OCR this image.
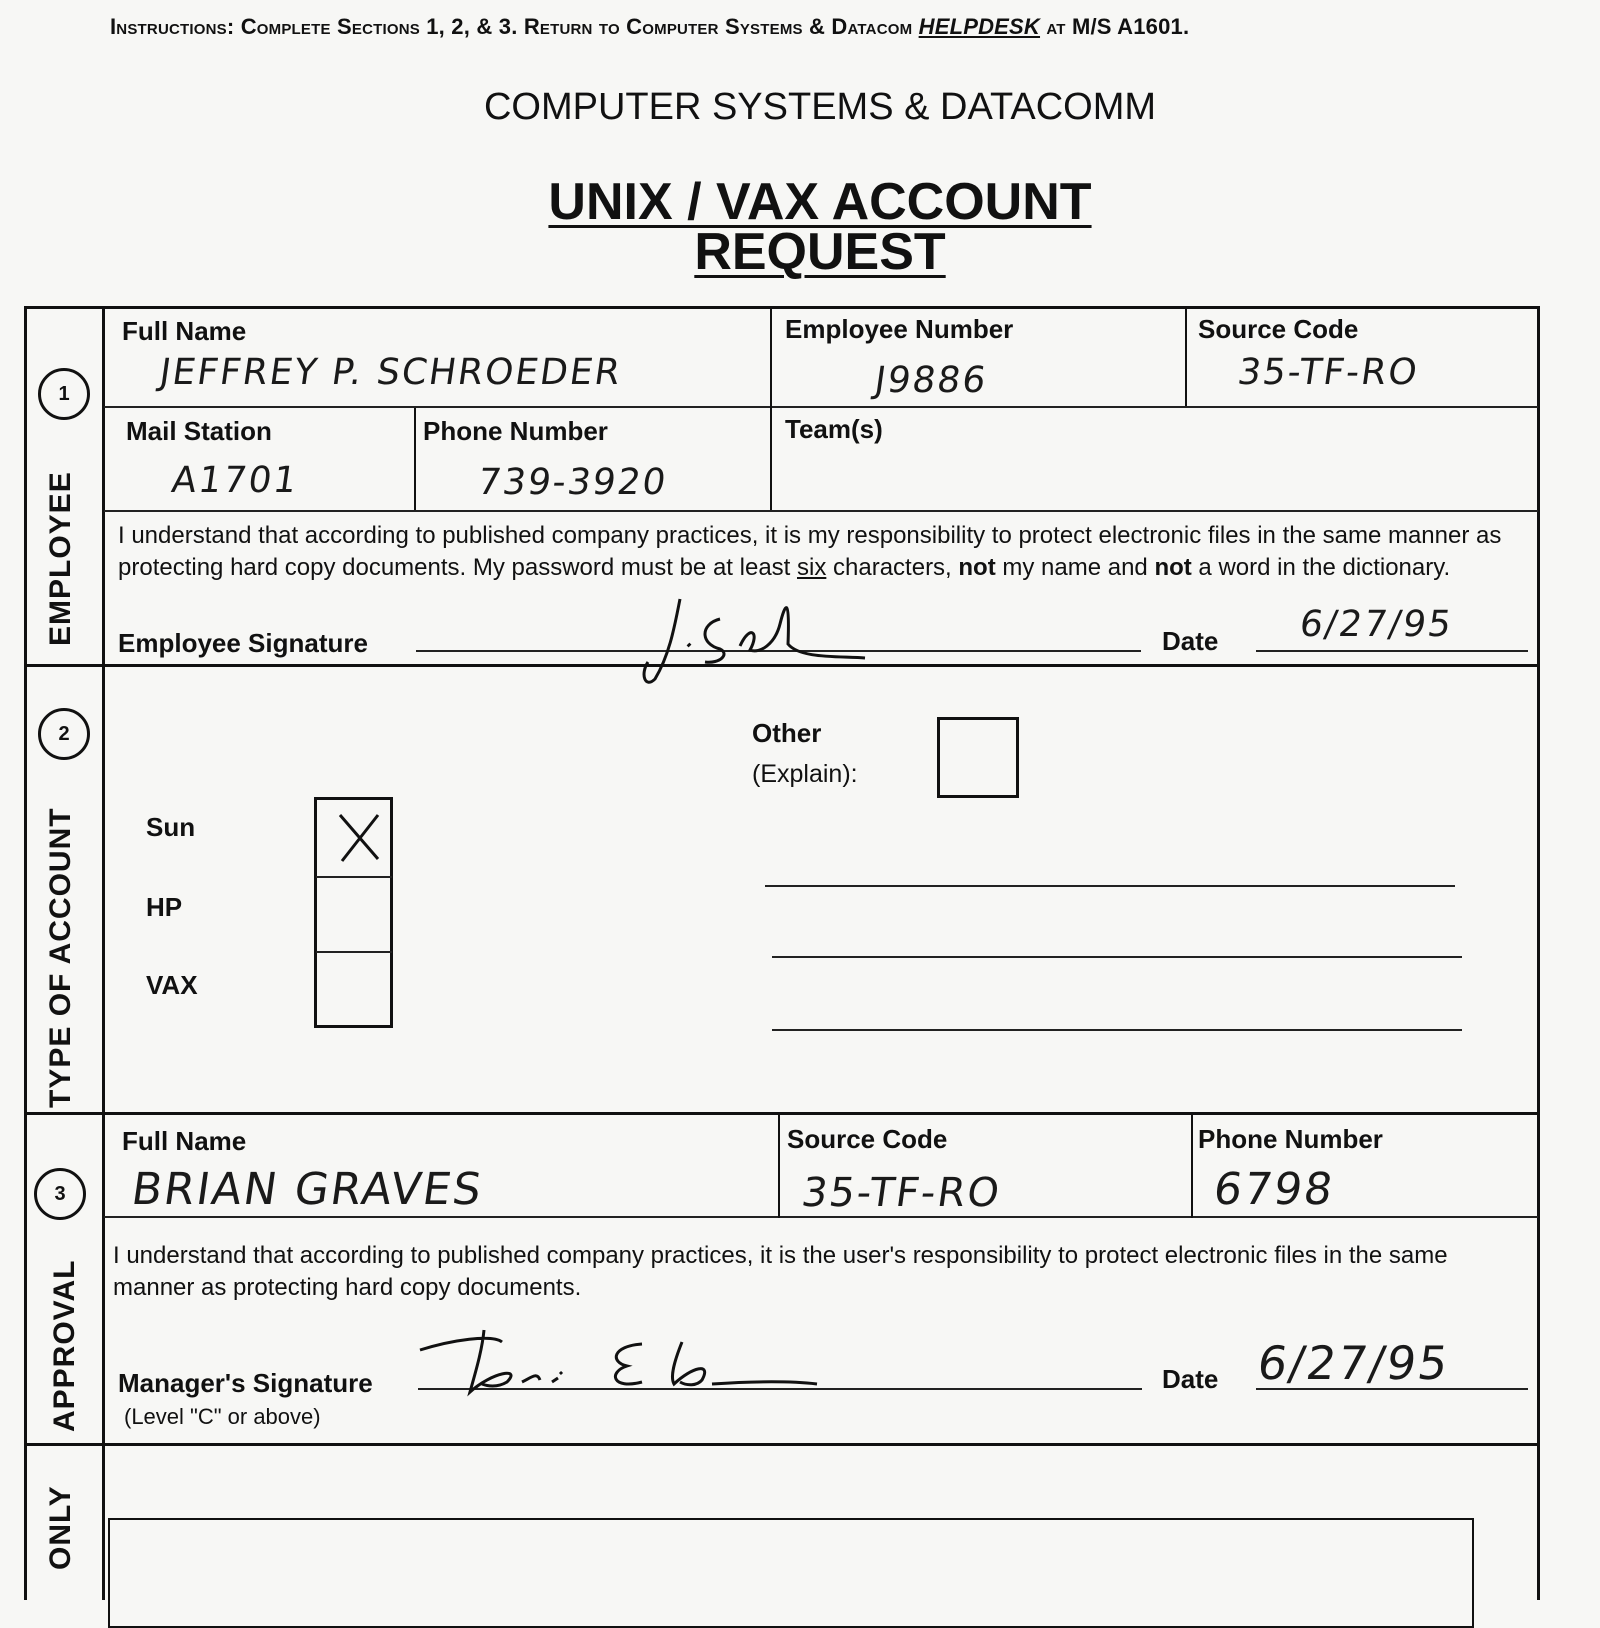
Instructions: Complete Sections 1, 2, & 3. Return to Computer Systems & Datacom HELPDESK at M/S A1601.
COMPUTER SYSTEMS & DATACOMM
UNIX / VAX ACCOUNT
REQUEST
1
EMPLOYEE
Full Name
JEFFREY P. SCHROEDER
Employee Number
J9886
Source Code
35-TF-RO
Mail Station
A1701
Phone Number
739-3920
Team(s)
I understand that according to published company practices, it is my responsibility to protect electronic files in the same manner as protecting hard copy documents. My password must be at least six characters, not my name and not a word in the dictionary.
Employee Signature	Date 6/27/95
2
TYPE OF ACCOUNT	Sun
HP
VAX
Other
(Explain):
3
APPROVAL
Full Name
BRIAN GRAVES
Source Code
35-TF-RO
Phone Number
6798
I understand that according to published company practices, it is the user's responsibility to protect electronic files in the same manner as protecting hard copy documents.
Manager's Signature
(Level "C" or above)
Date 6/27/95
ONLY
